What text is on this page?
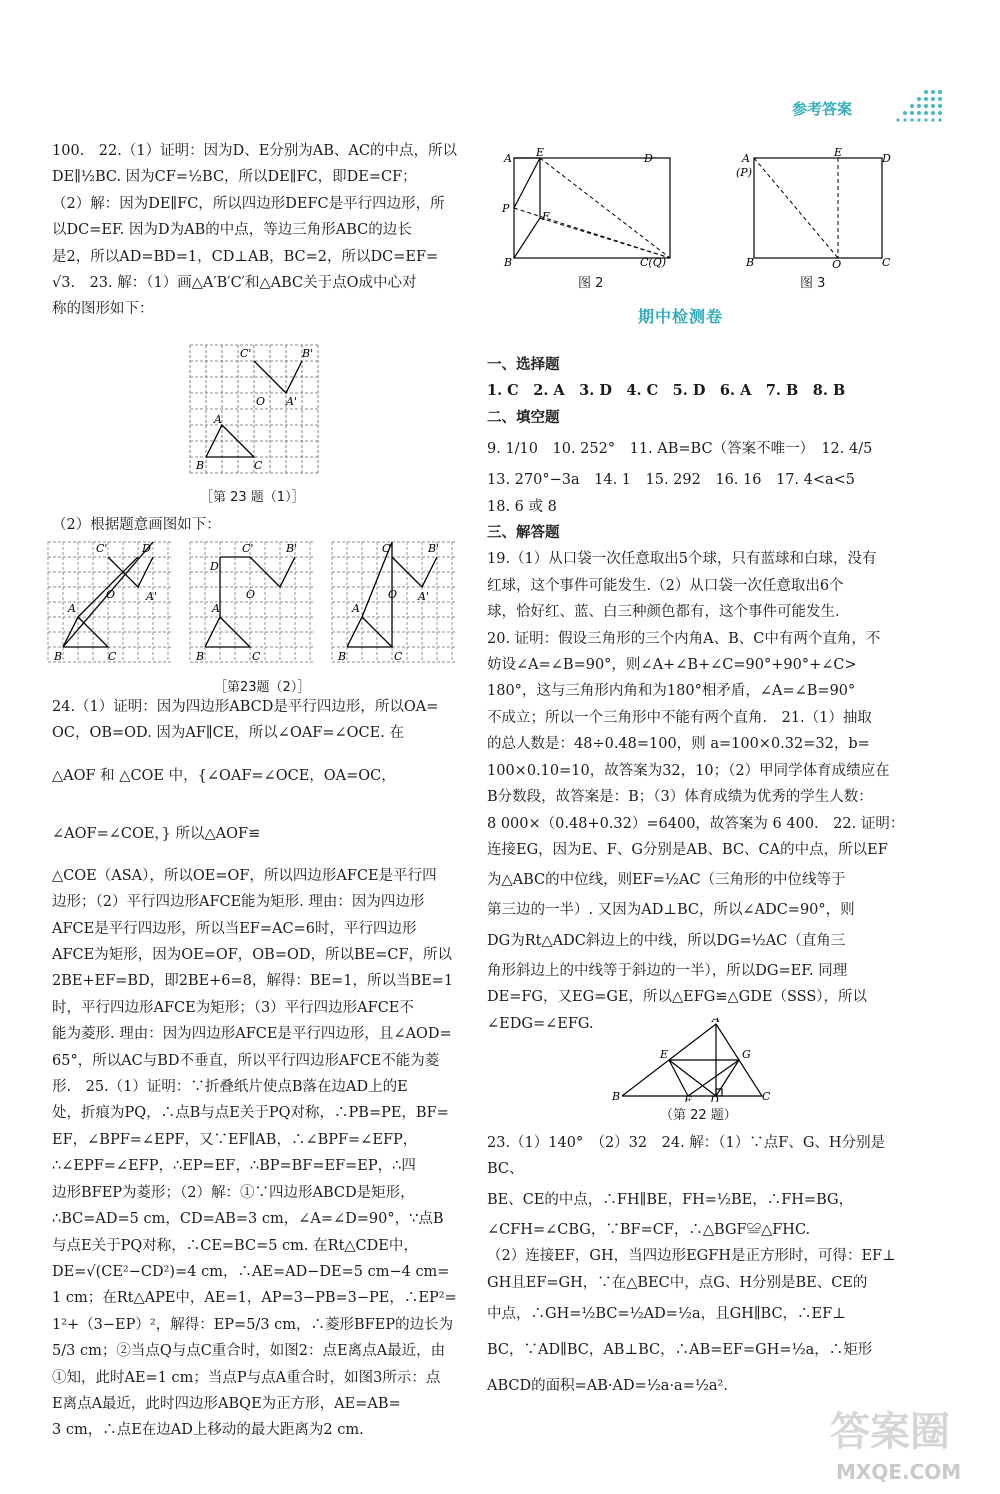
参考答案

100.　22.（1）证明：因为D、E分别为AB、AC的中点，所以

DE∥½BC. 因为CF=½BC，所以DE∥FC，即DE=CF；

（2）解：因为DE∥FC，所以四边形DEFC是平行四边形，所

以DC=EF. 因为D为AB的中点，等边三角形ABC的边长

是2，所以AD=BD=1，CD⊥AB，BC=2，所以DC=EF=

√3.　23. 解：（1）画△A′B′C′和△ABC关于点O成中心对

称的图形如下：

C'	B'
O A'
A
B	C
［第 23 题（1）］

（2）根据题意画图如下：

C'	D
A'
O
A
B	C
D
C'	B'
O
A
B	C
C'	B'
O A'
A
B	C
［第23题（2）］

24.（1）证明：因为四边形ABCD是平行四边形，所以OA=

OC，OB=OD. 因为AF∥CE，所以∠OAF=∠OCE. 在

△AOF 和 △COE 中，{∠OAF=∠OCE，OA=OC，∠AOF=∠COE，} 所以△AOF≌

△COE（ASA），所以OE=OF，所以四边形AFCE是平行四

边形；（2）平行四边形AFCE能为矩形. 理由：因为四边形

AFCE是平行四边形，所以当EF=AC=6时，平行四边形

AFCE为矩形，因为OE=OF，OB=OD，所以BE=CF，所以

2BE+EF=BD，即2BE+6=8，解得：BE=1，所以当BE=1

时，平行四边形AFCE为矩形；（3）平行四边形AFCE不

能为菱形. 理由：因为四边形AFCE是平行四边形，且∠AOD=

65°，所以AC与BD不垂直，所以平行四边形AFCE不能为菱

形.　25.（1）证明：∵折叠纸片使点B落在边AD上的E

处，折痕为PQ，∴点B与点E关于PQ对称，∴PB=PE，BF=

EF，∠BPF=∠EPF，又∵EF∥AB，∴∠BPF=∠EFP，

∴∠EPF=∠EFP，∴EP=EF，∴BP=BF=EF=EP，∴四

边形BFEP为菱形；（2）解：①∵四边形ABCD是矩形，

∴BC=AD=5 cm，CD=AB=3 cm，∠A=∠D=90°，∵点B

与点E关于PQ对称，∴CE=BC=5 cm. 在Rt△CDE中，

DE=√(CE²−CD²)=4 cm，∴AE=AD−DE=5 cm−4 cm=

1 cm；在Rt△APE中，AE=1，AP=3−PB=3−PE，∴EP²=

1²+（3−EP）²，解得：EP=5/3 cm，∴菱形BFEP的边长为

5/3 cm；②当点Q与点C重合时，如图2：点E离点A最近，由

①知，此时AE=1 cm；当点P与点A重合时，如图3所示：点

E离点A最近，此时四边形ABQE为正方形，AE=AB=

3 cm，∴点E在边AD上移动的最大距离为2 cm.

A E	D
P
F
B	C(Q)
图 2
A
(P)
E	D
B	Q	C
图 3
期中检测卷

一、选择题

1. C　2. A　3. D　4. C　5. D　6. A　7. B　8. B

二、填空题

9. 1/10　10. 252°　11. AB=BC（答案不唯一）　12. 4/5

13. 270°−3a　14. 1　15. 292　16. 16　17. 4<a<5

18. 6 或 8

三、解答题

19.（1）从口袋一次任意取出5个球，只有蓝球和白球，没有

红球，这个事件可能发生.（2）从口袋一次任意取出6个

球，恰好红、蓝、白三种颜色都有，这个事件可能发生.

20. 证明：假设三角形的三个内角A、B、C中有两个直角，不

妨设∠A=∠B=90°，则∠A+∠B+∠C=90°+90°+∠C>

180°，这与三角形内角和为180°相矛盾，∠A=∠B=90°

不成立；所以一个三角形中不能有两个直角.　21.（1）抽取

的总人数是：48÷0.48=100，则 a=100×0.32=32，b=

100×0.10=10，故答案为32，10；（2）甲同学体育成绩应在

B分数段，故答案是：B；（3）体育成绩为优秀的学生人数：

8 000×（0.48+0.32）=6400，故答案为 6 400.　22. 证明：

连接EG，因为E、F、G分别是AB、BC、CA的中点，所以EF

为△ABC的中位线，则EF=½AC（三角形的中位线等于

第三边的一半）. 又因为AD⊥BC，所以∠ADC=90°，则

DG为Rt△ADC斜边上的中线，所以DG=½AC（直角三

角形斜边上的中线等于斜边的一半），所以DG=EF. 同理

DE=FG，又EG=GE，所以△EFG≌△GDE（SSS），所以

∠EDG=∠EFG.

B
A
E	G
F D	C
（第 22 题）

23.（1）140°　（2）32　24. 解：（1）∵点F、G、H分别是BC、

BE、CE的中点，∴FH∥BE，FH=½BE，∴FH=BG，

∠CFH=∠CBG，∵BF=CF，∴△BGF≌△FHC.

（2）连接EF，GH，当四边形EGFH是正方形时，可得：EF⊥

GH且EF=GH，∵在△BEC中，点G、H分别是BE、CE的

中点，∴GH=½BC=½AD=½a，且GH∥BC，∴EF⊥

BC，∵AD∥BC，AB⊥BC，∴AB=EF=GH=½a，∴矩形

ABCD的面积=AB·AD=½a·a=½a².

答案圈
MXQE.COM
